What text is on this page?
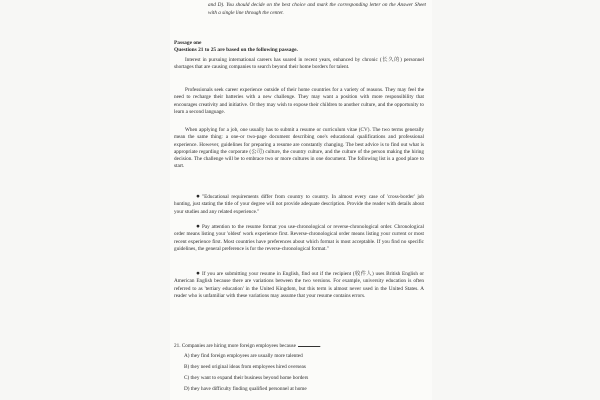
and D). You should decide on the best choice and mark the corresponding letter on the Answer Sheet with a single line through the center.
Passage one
Questions 21 to 25 are based on the following passage.

Interest in pursuing international careers has soared in recent years, enhanced by chronic (长久的) personnel shortages that are causing companies to search beyond their home borders for talent.

Professionals seek career experience outside of their home countries for a variety of reasons. They may feel the need to recharge their batteries with a new challenge. They may want a position with more responsibility that encourages creativity and initiative. Or they may wish to expose their children to another culture, and the opportunity to learn a second language.

When applying for a job, one usually has to submit a resume or curriculum vitae (CV). The two terms generally mean the same thing: a one-or two-page document describing one's educational qualifications and professional experience. However, guidelines for preparing a resume are constantly changing. The best advice is to find out what is appropriate regarding the corporate (公司) culture, the country culture, and the culture of the person making the hiring decision. The challenge will be to embrace two or more cultures in one document. The following list is a good place to start.

● "Educational requirements differ from country to country. In almost every case of 'cross-border' job hunting, just stating the title of your degree will not provide adequate description. Provide the reader with details about your studies and any related experience."
● Pay attention to the resume format you use-chronological or reverse-chronological order. Chronological order means listing your 'oldest' work experience first. Reverse-chronological order means listing your current or most recent experience first. Most countries have preferences about which format is most acceptable. If you find no specific guidelines, the general preference is for the reverse-chronological format."
● If you are submitting your resume in English, find out if the recipient (收件人) uses British English or American English because there are variations between the two versions. For example, university education is often referred to as 'tertiary education' in the United Kingdom, but this term is almost never used in the United States. A reader who is unfamiliar with these variations may assume that your resume contains errors.
21. Companies are hiring more foreign employees because	.
A) they find foreign employees are usually more talented
B) they need original ideas from employees hired overseas
C) they want to expand their business beyond home borders
D) they have difficulty finding qualified personnel at home
